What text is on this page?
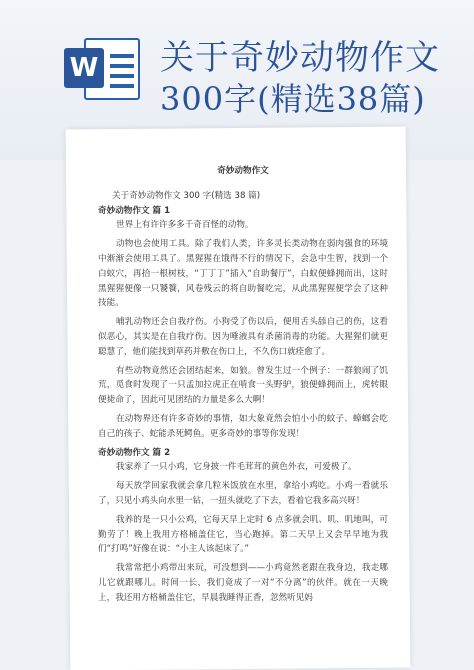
W 关于奇妙动物作文
300字(精选38篇)
奇妙动物作文
关于奇妙动物作文 300 字(精选 38 篇)
奇妙动物作文 篇 1

世界上有许许多多千奇百怪的动物。

动物也会使用工具。除了我们人类，许多灵长类动物在弱肉强食的环境中渐渐会使用工具了。黑猩猩在饿得不行的情况下，会急中生智，找到一个白蚁穴，再拾一根树枝，“丁丁丁”插入“自助餐厅”，白蚁便蜂拥而出，这时黑猩猩便像一只饕餮，风卷残云的将自助餐吃完，从此黑猩猩便学会了这种技能。

哺乳动物还会自我疗伤。小狗受了伤以后，便用舌头舔自己的伤，这看似恶心，其实是在自我疗伤。因为唾液具有杀菌消毒的功能。大猩猩们就更聪慧了，他们能找到草药并敷在伤口上，不久伤口就痊愈了。

有些动物竟然还会团结起来，如狼。曾发生过一个例子：一群狼闹了饥荒，觅食时发现了一只孟加拉虎正在啃食一头野驴，狼便蜂拥而上，虎转眼便毙命了，因此可见团结的力量是多么大啊！

在动物界还有许多奇妙的事情，如大象竟然会怕小小的蚊子、蟑螂会吃自己的孩子、蛇能杀死鳄鱼。更多奇妙的事等你发现！

奇妙动物作文 篇 2

我家养了一只小鸡，它身披一件毛茸茸的黄色外衣，可爱极了。

每天放学回家我就会拿几粒米饭放在水里，拿给小鸡吃。小鸡一看就乐了，只见小鸡头向水里一钻，一扭头就吃了下去，看着它我多高兴呀！

我养的是一只小公鸡，它每天早上定时 6 点多就会叽、叽、叽地叫，可勤劳了！晚上我用方格桶盖住它，当心跑掉。第二天早上又会早早地为我们“打鸣”好像在说：“小主人该起床了。”

我常常把小鸡带出来玩，可没想到——小鸡竟然老跟在我身边，我走哪儿它就跟哪儿。时间一长，我们竟成了一对“不分离”的伙伴。就在一天晚上，我还用方格桶盖住它，早晨我睡得正香，忽然听见妈
